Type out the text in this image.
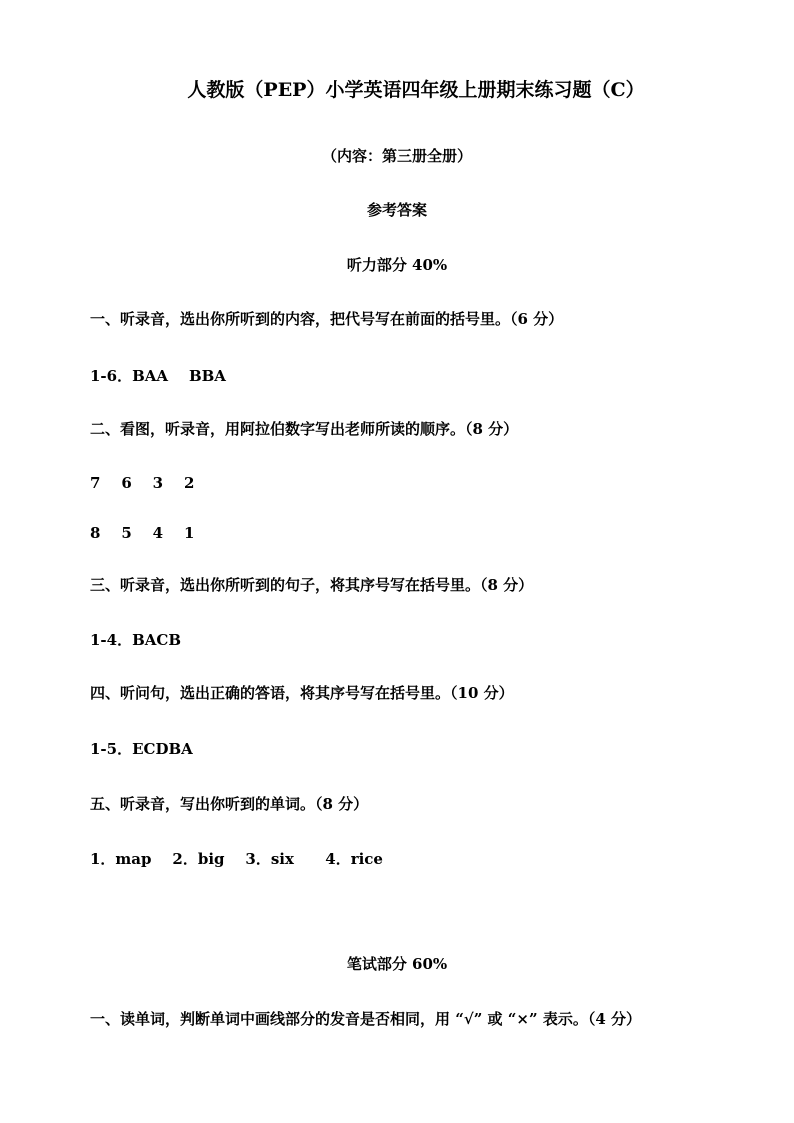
人教版（PEP）小学英语四年级上册期末练习题（C）
（内容：第三册全册）
参考答案
听力部分 40%
一、听录音，选出你所听到的内容，把代号写在前面的括号里。（6 分）
1-6．BAA    BBA
二、看图，听录音，用阿拉伯数字写出老师所读的顺序。（8 分）
7    6    3    2
8    5    4    1
三、听录音，选出你所听到的句子，将其序号写在括号里。（8 分）
1-4．BACB
四、听问句，选出正确的答语，将其序号写在括号里。（10 分）
1-5．ECDBA
五、听录音，写出你听到的单词。（8 分）
1．map    2．big    3．six      4．rice
笔试部分 60%
一、读单词，判断单词中画线部分的发音是否相同，用 “√” 或 “×” 表示。（4 分）
